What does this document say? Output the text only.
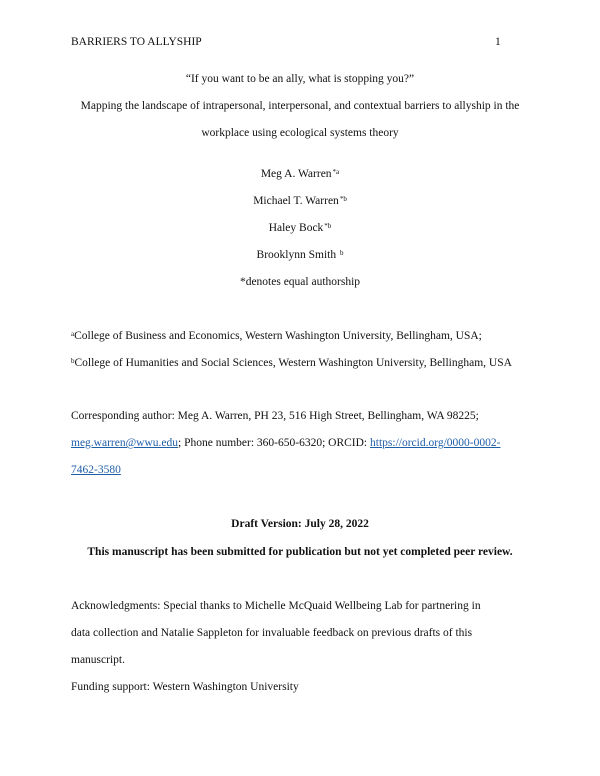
BARRIERS TO ALLYSHIP	1
“If you want to be an ally, what is stopping you?”
Mapping the landscape of intrapersonal, interpersonal, and contextual barriers to allyship in the
workplace using ecological systems theory
Meg A. Warren$^{*a}$
Michael T. Warren$^{*b}$
Haley Bock$^{*b}$
Brooklynn Smith $^b$
*denotes equal authorship
$^a$College of Business and Economics, Western Washington University, Bellingham, USA;
$^b$College of Humanities and Social Sciences, Western Washington University, Bellingham, USA
Corresponding author: Meg A. Warren, PH 23, 516 High Street, Bellingham, WA 98225;
meg.warren@wwu.edu; Phone number: 360-650-6320; ORCID: https://orcid.org/0000-0002-
7462-3580
Draft Version: July 28, 2022
This manuscript has been submitted for publication but not yet completed peer review.
Acknowledgments: Special thanks to Michelle McQuaid Wellbeing Lab for partnering in
data collection and Natalie Sappleton for invaluable feedback on previous drafts of this
manuscript.
Funding support: Western Washington University
